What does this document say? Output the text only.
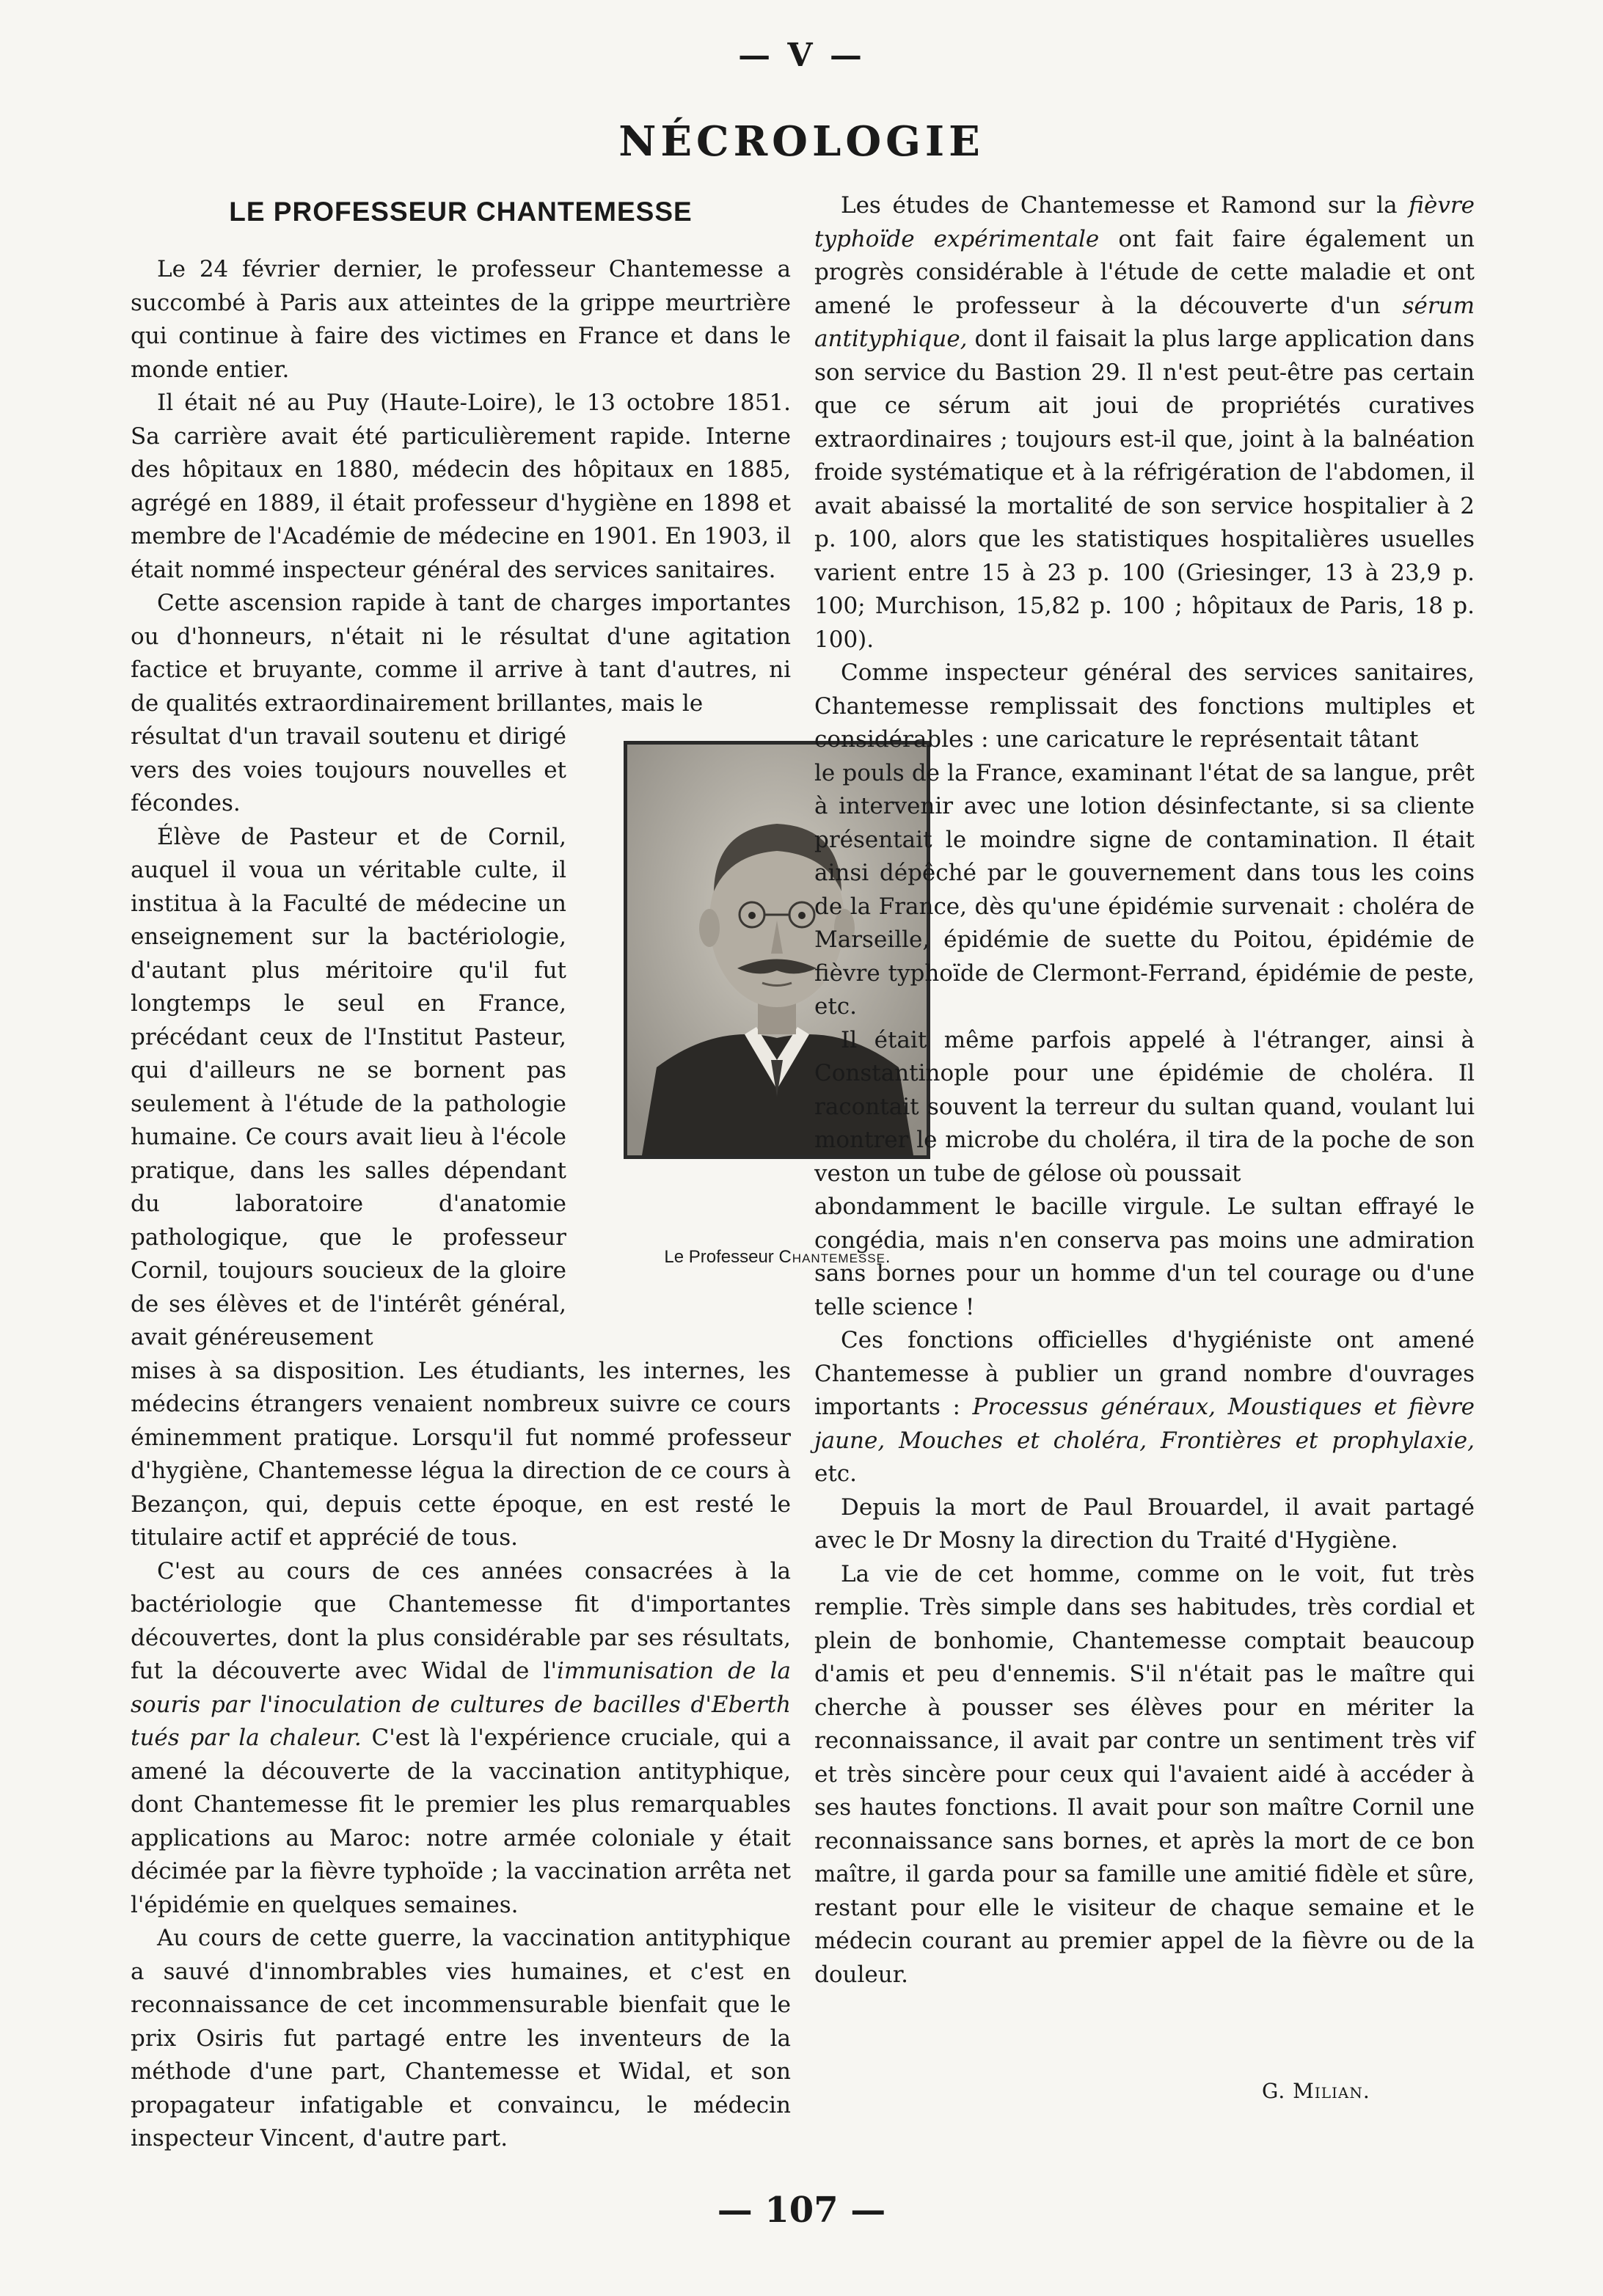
— V —
NÉCROLOGIE
LE PROFESSEUR CHANTEMESSE

Le 24 février dernier, le professeur Chantemesse a succombé à Paris aux atteintes de la grippe meurtrière qui continue à faire des victimes en France et dans le monde entier.

Il était né au Puy (Haute-Loire), le 13 octobre 1851. Sa carrière avait été particulièrement rapide. Interne des hôpitaux en 1880, médecin des hôpitaux en 1885, agrégé en 1889, il était professeur d'hygiène en 1898 et membre de l'Académie de médecine en 1901. En 1903, il était nommé inspecteur général des services sanitaires.

Cette ascension rapide à tant de charges importantes ou d'honneurs, n'était ni le résultat d'une agitation factice et bruyante, comme il arrive à tant d'autres, ni de qualités extraordinairement brillantes, mais le

résultat d'un travail soutenu et dirigé vers des voies toujours nouvelles et fécondes.

Élève de Pasteur et de Cornil, auquel il voua un véritable culte, il institua à la Faculté de médecine un enseignement sur la bactériologie, d'autant plus méritoire qu'il fut longtemps le seul en France, précédant ceux de l'Institut Pasteur, qui d'ailleurs ne se bornent pas seulement à l'étude de la pathologie humaine. Ce cours avait lieu à l'école pratique, dans les salles dépendant du laboratoire d'anatomie pathologique, que le professeur Cornil, toujours soucieux de la gloire de ses élèves et de l'intérêt général, avait généreusement

mises à sa disposition. Les étudiants, les internes, les médecins étrangers venaient nombreux suivre ce cours éminemment pratique. Lorsqu'il fut nommé professeur d'hygiène, Chantemesse légua la direction de ce cours à Bezançon, qui, depuis cette époque, en est resté le titulaire actif et apprécié de tous.

C'est au cours de ces années consacrées à la bactériologie que Chantemesse fit d'importantes découvertes, dont la plus considérable par ses résultats, fut la découverte avec Widal de l'immunisation de la souris par l'inoculation de cultures de bacilles d'Eberth tués par la chaleur. C'est là l'expérience cruciale, qui a amené la découverte de la vaccination antityphique, dont Chantemesse fit le premier les plus remarquables applications au Maroc: notre armée coloniale y était décimée par la fièvre typhoïde ; la vaccination arrêta net l'épidémie en quelques semaines.

Au cours de cette guerre, la vaccination antityphique a sauvé d'innombrables vies humaines, et c'est en reconnaissance de cet incommensurable bienfait que le prix Osiris fut partagé entre les inventeurs de la méthode d'une part, Chantemesse et Widal, et son propagateur infatigable et convaincu, le médecin inspecteur Vincent, d'autre part.

Le Professeur Chantemesse.

Les études de Chantemesse et Ramond sur la fièvre typhoïde expérimentale ont fait faire également un progrès considérable à l'étude de cette maladie et ont amené le professeur à la découverte d'un sérum antityphique, dont il faisait la plus large application dans son service du Bastion 29. Il n'est peut-être pas certain que ce sérum ait joui de propriétés curatives extraordinaires ; toujours est-il que, joint à la balnéation froide systématique et à la réfrigération de l'abdomen, il avait abaissé la mortalité de son service hospitalier à 2 p. 100, alors que les statistiques hospitalières usuelles varient entre 15 à 23 p. 100 (Griesinger, 13 à 23,9 p. 100; Murchison, 15,82 p. 100 ; hôpitaux de Paris, 18 p. 100).

Comme inspecteur général des services sanitaires, Chantemesse remplissait des fonctions multiples et considérables : une caricature le représentait tâtant

le pouls de la France, examinant l'état de sa langue, prêt à intervenir avec une lotion désinfectante, si sa cliente présentait le moindre signe de contamination. Il était ainsi dépêché par le gouvernement dans tous les coins de la France, dès qu'une épidémie survenait : choléra de Marseille, épidémie de suette du Poitou, épidémie de fièvre typhoïde de Clermont-Ferrand, épidémie de peste, etc.

Il était même parfois appelé à l'étranger, ainsi à Constantinople pour une épidémie de choléra. Il racontait souvent la terreur du sultan quand, voulant lui montrer le microbe du choléra, il tira de la poche de son veston un tube de gélose où poussait

abondamment le bacille virgule. Le sultan effrayé le congédia, mais n'en conserva pas moins une admiration sans bornes pour un homme d'un tel courage ou d'une telle science !

Ces fonctions officielles d'hygiéniste ont amené Chantemesse à publier un grand nombre d'ouvrages importants : Processus généraux, Moustiques et fièvre jaune, Mouches et choléra, Frontières et prophylaxie, etc.

Depuis la mort de Paul Brouardel, il avait partagé avec le Dr Mosny la direction du Traité d'Hygiène.

La vie de cet homme, comme on le voit, fut très remplie. Très simple dans ses habitudes, très cordial et plein de bonhomie, Chantemesse comptait beaucoup d'amis et peu d'ennemis. S'il n'était pas le maître qui cherche à pousser ses élèves pour en mériter la reconnaissance, il avait par contre un sentiment très vif et très sincère pour ceux qui l'avaient aidé à accéder à ses hautes fonctions. Il avait pour son maître Cornil une reconnaissance sans bornes, et après la mort de ce bon maître, il garda pour sa famille une amitié fidèle et sûre, restant pour elle le visiteur de chaque semaine et le médecin courant au premier appel de la fièvre ou de la douleur.

G. Milian.
— 107 —
